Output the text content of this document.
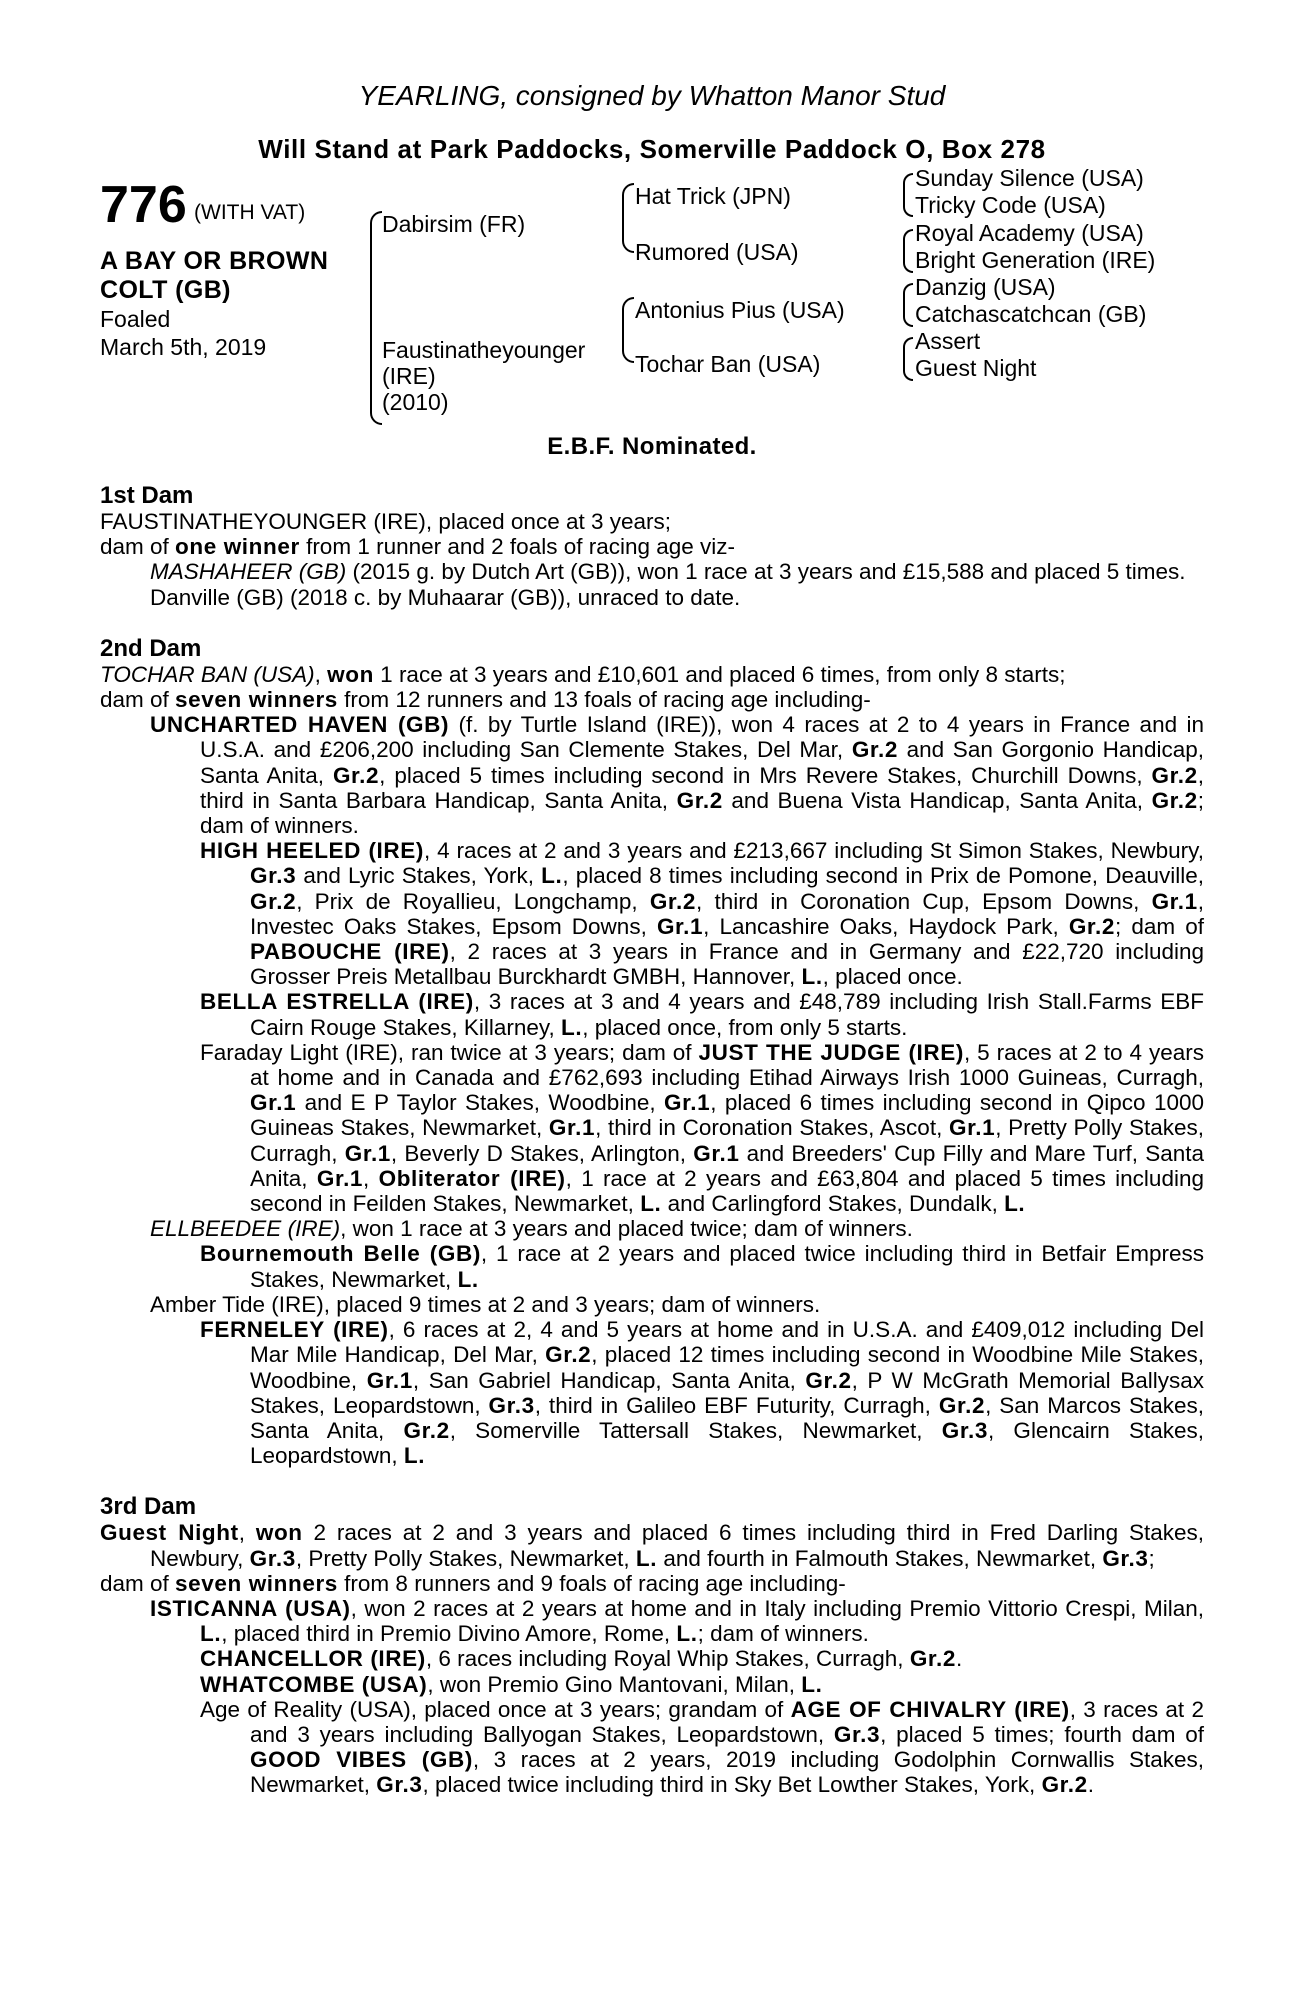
YEARLING, consigned by Whatton Manor Stud
Will Stand at Park Paddocks, Somerville Paddock O, Box 278
776 (WITH VAT)
A BAY OR BROWN
COLT (GB)
Foaled
March 5th, 2019
Dabirsim (FR)
Faustinatheyounger
(IRE)
(2010)
Hat Trick (JPN)
Rumored (USA)
Antonius Pius (USA)
Tochar Ban (USA)
Sunday Silence (USA)
Tricky Code (USA)
Royal Academy (USA)
Bright Generation (IRE)
Danzig (USA)
Catchascatchcan (GB)
Assert
Guest Night
E.B.F. Nominated.
1st Dam

FAUSTINATHEYOUNGER (IRE), placed once at 3 years;

dam of one winner from 1 runner and 2 foals of racing age viz-

MASHAHEER (GB) (2015 g. by Dutch Art (GB)), won 1 race at 3 years and £15,588 and placed 5 times.

Danville (GB) (2018 c. by Muhaarar (GB)), unraced to date.

2nd Dam

TOCHAR BAN (USA), won 1 race at 3 years and £10,601 and placed 6 times, from only 8 starts;

dam of seven winners from 12 runners and 13 foals of racing age including-

UNCHARTED HAVEN (GB) (f. by Turtle Island (IRE)), won 4 races at 2 to 4 years in France and in U.S.A. and £206,200 including San Clemente Stakes, Del Mar, Gr.2 and San Gorgonio Handicap, Santa Anita, Gr.2, placed 5 times including second in Mrs Revere Stakes, Churchill Downs, Gr.2, third in Santa Barbara Handicap, Santa Anita, Gr.2 and Buena Vista Handicap, Santa Anita, Gr.2; dam of winners.

HIGH HEELED (IRE), 4 races at 2 and 3 years and £213,667 including St Simon Stakes, Newbury, Gr.3 and Lyric Stakes, York, L., placed 8 times including second in Prix de Pomone, Deauville, Gr.2, Prix de Royallieu, Longchamp, Gr.2, third in Coronation Cup, Epsom Downs, Gr.1, Investec Oaks Stakes, Epsom Downs, Gr.1, Lancashire Oaks, Haydock Park, Gr.2; dam of PABOUCHE (IRE), 2 races at 3 years in France and in Germany and £22,720 including Grosser Preis Metallbau Burckhardt GMBH, Hannover, L., placed once.

BELLA ESTRELLA (IRE), 3 races at 3 and 4 years and £48,789 including Irish Stall.Farms EBF Cairn Rouge Stakes, Killarney, L., placed once, from only 5 starts.

Faraday Light (IRE), ran twice at 3 years; dam of JUST THE JUDGE (IRE), 5 races at 2 to 4 years at home and in Canada and £762,693 including Etihad Airways Irish 1000 Guineas, Curragh, Gr.1 and E P Taylor Stakes, Woodbine, Gr.1, placed 6 times including second in Qipco 1000 Guineas Stakes, Newmarket, Gr.1, third in Coronation Stakes, Ascot, Gr.1, Pretty Polly Stakes, Curragh, Gr.1, Beverly D Stakes, Arlington, Gr.1 and Breeders' Cup Filly and Mare Turf, Santa Anita, Gr.1, Obliterator (IRE), 1 race at 2 years and £63,804 and placed 5 times including second in Feilden Stakes, Newmarket, L. and Carlingford Stakes, Dundalk, L.

ELLBEEDEE (IRE), won 1 race at 3 years and placed twice; dam of winners.

Bournemouth Belle (GB), 1 race at 2 years and placed twice including third in Betfair Empress Stakes, Newmarket, L.

Amber Tide (IRE), placed 9 times at 2 and 3 years; dam of winners.

FERNELEY (IRE), 6 races at 2, 4 and 5 years at home and in U.S.A. and £409,012 including Del Mar Mile Handicap, Del Mar, Gr.2, placed 12 times including second in Woodbine Mile Stakes, Woodbine, Gr.1, San Gabriel Handicap, Santa Anita, Gr.2, P W McGrath Memorial Ballysax Stakes, Leopardstown, Gr.3, third in Galileo EBF Futurity, Curragh, Gr.2, San Marcos Stakes, Santa Anita, Gr.2, Somerville Tattersall Stakes, Newmarket, Gr.3, Glencairn Stakes, Leopardstown, L.

3rd Dam

Guest Night, won 2 races at 2 and 3 years and placed 6 times including third in Fred Darling Stakes, Newbury, Gr.3, Pretty Polly Stakes, Newmarket, L. and fourth in Falmouth Stakes, Newmarket, Gr.3;

dam of seven winners from 8 runners and 9 foals of racing age including-

ISTICANNA (USA), won 2 races at 2 years at home and in Italy including Premio Vittorio Crespi, Milan, L., placed third in Premio Divino Amore, Rome, L.; dam of winners.

CHANCELLOR (IRE), 6 races including Royal Whip Stakes, Curragh, Gr.2.

WHATCOMBE (USA), won Premio Gino Mantovani, Milan, L.

Age of Reality (USA), placed once at 3 years; grandam of AGE OF CHIVALRY (IRE), 3 races at 2 and 3 years including Ballyogan Stakes, Leopardstown, Gr.3, placed 5 times; fourth dam of GOOD VIBES (GB), 3 races at 2 years, 2019 including Godolphin Cornwallis Stakes, Newmarket, Gr.3, placed twice including third in Sky Bet Lowther Stakes, York, Gr.2.
